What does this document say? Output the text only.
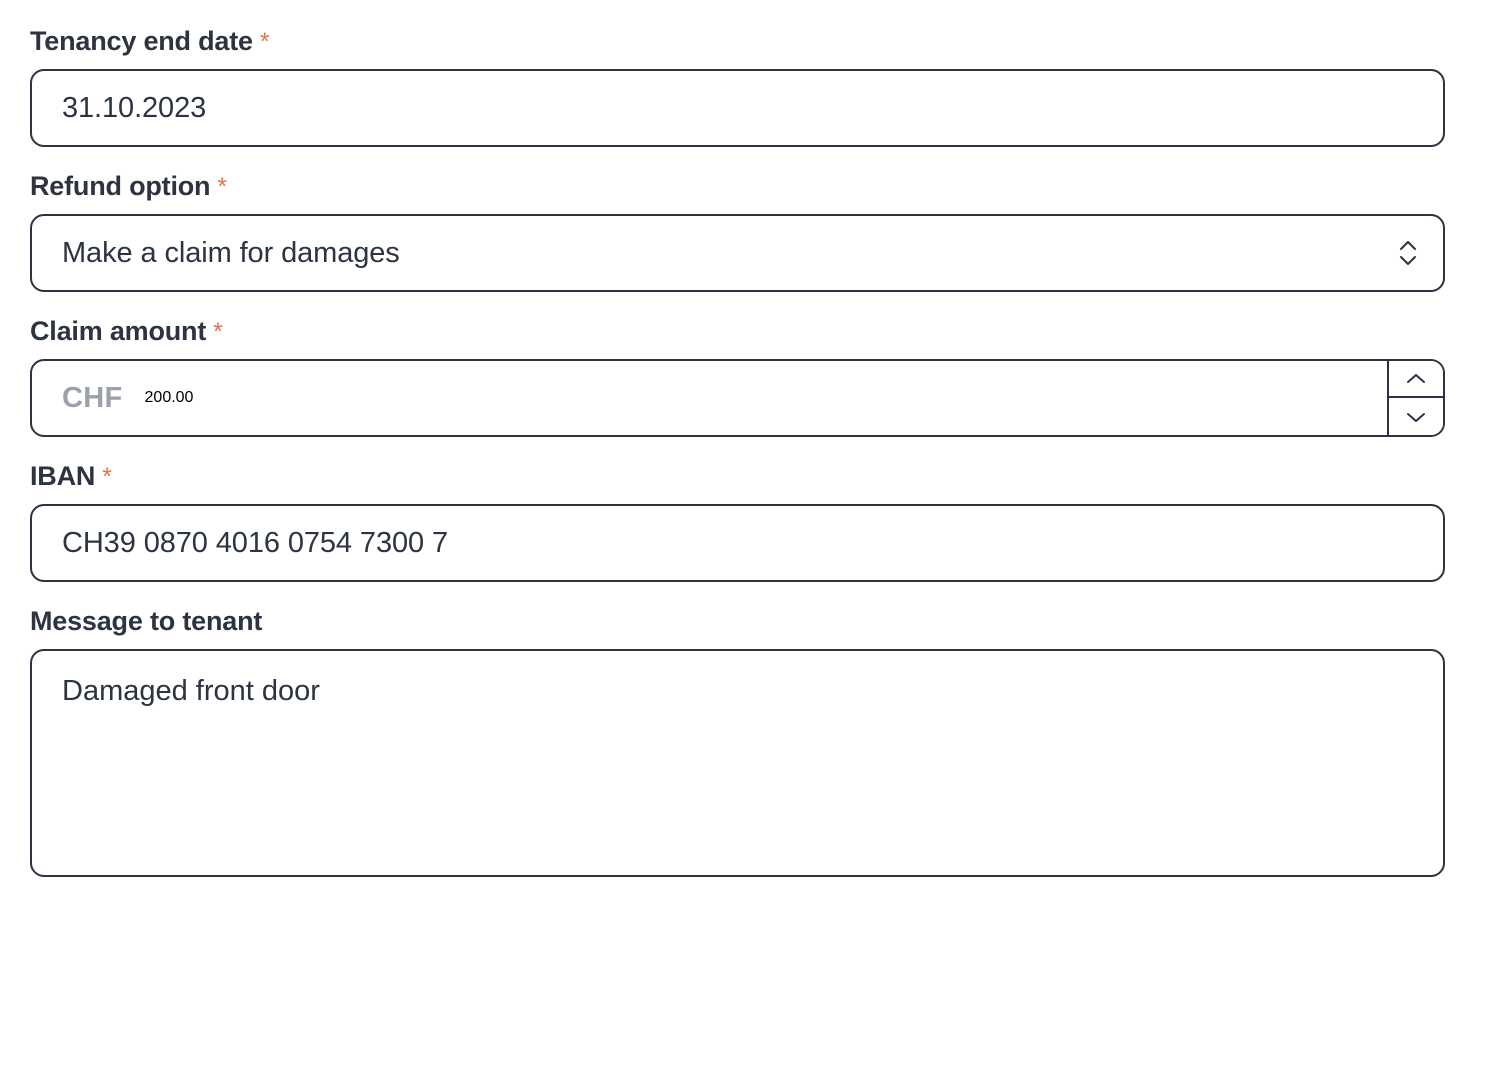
Tenancy end date *
31.10.2023
Refund option *
Make a claim for damages
Claim amount *
CHF 200.00
IBAN *
CH39 0870 4016 0754 7300 7
Message to tenant
Damaged front door
